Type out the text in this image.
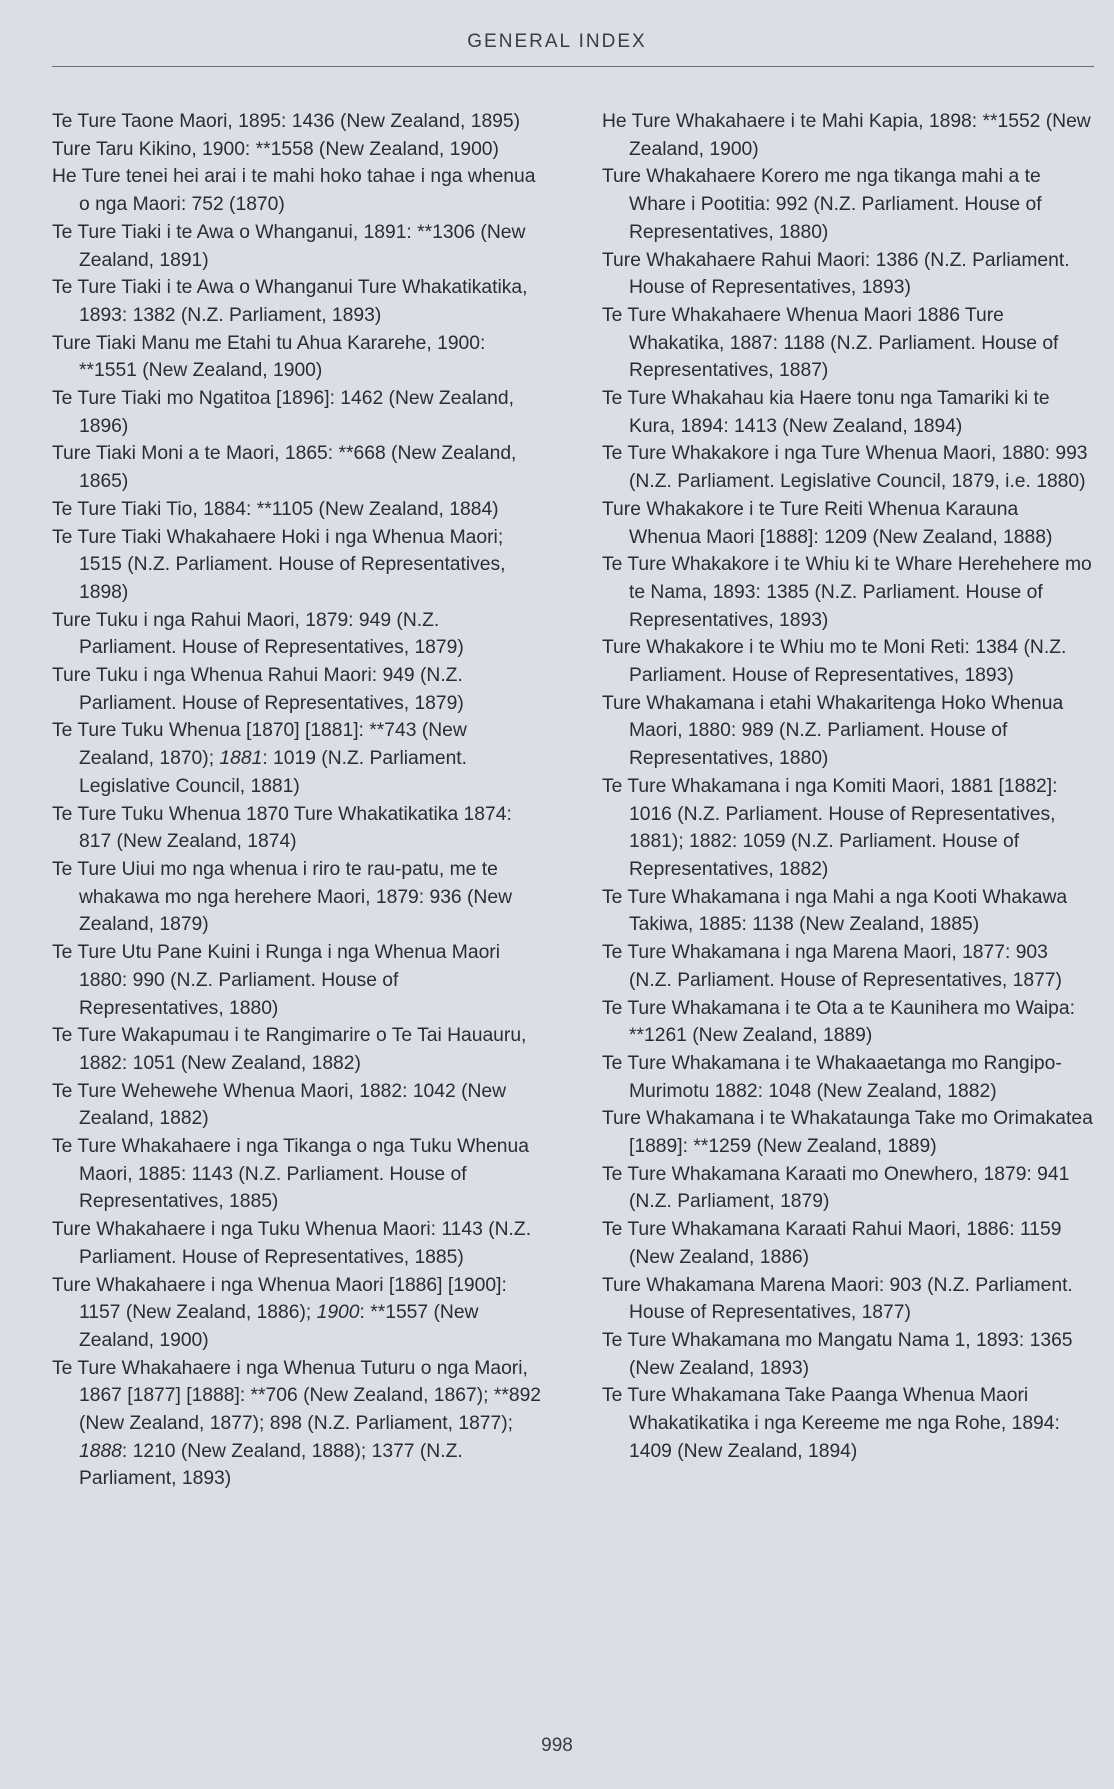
GENERAL INDEX

Te Ture Taone Maori, 1895: 1436 (New Zealand, 1895)

Ture Taru Kikino, 1900: **1558 (New Zealand, 1900)

He Ture tenei hei arai i te mahi hoko tahae i nga whenua o nga Maori: 752 (1870)

Te Ture Tiaki i te Awa o Whanganui, 1891: **1306 (New Zealand, 1891)

Te Ture Tiaki i te Awa o Whanganui Ture Whakatikatika, 1893: 1382 (N.Z. Parliament, 1893)

Ture Tiaki Manu me Etahi tu Ahua Kararehe, 1900: **1551 (New Zealand, 1900)

Te Ture Tiaki mo Ngatitoa [1896]: 1462 (New Zealand, 1896)

Ture Tiaki Moni a te Maori, 1865: **668 (New Zealand, 1865)

Te Ture Tiaki Tio, 1884: **1105 (New Zealand, 1884)

Te Ture Tiaki Whakahaere Hoki i nga Whenua Maori; 1515 (N.Z. Parliament. House of Representatives, 1898)

Ture Tuku i nga Rahui Maori, 1879: 949 (N.Z. Parliament. House of Representatives, 1879)

Ture Tuku i nga Whenua Rahui Maori: 949 (N.Z. Parliament. House of Representatives, 1879)

Te Ture Tuku Whenua [1870] [1881]: **743 (New Zealand, 1870); 1881: 1019 (N.Z. Parliament. Legislative Council, 1881)

Te Ture Tuku Whenua 1870 Ture Whakatikatika 1874: 817 (New Zealand, 1874)

Te Ture Uiui mo nga whenua i riro te rau-patu, me te whakawa mo nga herehere Maori, 1879: 936 (New Zealand, 1879)

Te Ture Utu Pane Kuini i Runga i nga Whenua Maori 1880: 990 (N.Z. Parliament. House of Representatives, 1880)

Te Ture Wakapumau i te Rangimarire o Te Tai Hauauru, 1882: 1051 (New Zealand, 1882)

Te Ture Wehewehe Whenua Maori, 1882: 1042 (New Zealand, 1882)

Te Ture Whakahaere i nga Tikanga o nga Tuku Whenua Maori, 1885: 1143 (N.Z. Parliament. House of Representatives, 1885)

Ture Whakahaere i nga Tuku Whenua Maori: 1143 (N.Z. Parliament. House of Representatives, 1885)

Ture Whakahaere i nga Whenua Maori [1886] [1900]: 1157 (New Zealand, 1886); 1900: **1557 (New Zealand, 1900)

Te Ture Whakahaere i nga Whenua Tuturu o nga Maori, 1867 [1877] [1888]: **706 (New Zealand, 1867); **892 (New Zealand, 1877); 898 (N.Z. Parliament, 1877); 1888: 1210 (New Zealand, 1888); 1377 (N.Z. Parliament, 1893)

He Ture Whakahaere i te Mahi Kapia, 1898: **1552 (New Zealand, 1900)

Ture Whakahaere Korero me nga tikanga mahi a te Whare i Pootitia: 992 (N.Z. Parliament. House of Representatives, 1880)

Ture Whakahaere Rahui Maori: 1386 (N.Z. Parliament. House of Representatives, 1893)

Te Ture Whakahaere Whenua Maori 1886 Ture Whakatika, 1887: 1188 (N.Z. Parliament. House of Representatives, 1887)

Te Ture Whakahau kia Haere tonu nga Tamariki ki te Kura, 1894: 1413 (New Zealand, 1894)

Te Ture Whakakore i nga Ture Whenua Maori, 1880: 993 (N.Z. Parliament. Legislative Council, 1879, i.e. 1880)

Ture Whakakore i te Ture Reiti Whenua Karauna Whenua Maori [1888]: 1209 (New Zealand, 1888)

Te Ture Whakakore i te Whiu ki te Whare Herehehere mo te Nama, 1893: 1385 (N.Z. Parliament. House of Representatives, 1893)

Ture Whakakore i te Whiu mo te Moni Reti: 1384 (N.Z. Parliament. House of Representatives, 1893)

Ture Whakamana i etahi Whakaritenga Hoko Whenua Maori, 1880: 989 (N.Z. Parliament. House of Representatives, 1880)

Te Ture Whakamana i nga Komiti Maori, 1881 [1882]: 1016 (N.Z. Parliament. House of Representatives, 1881); 1882: 1059 (N.Z. Parliament. House of Representatives, 1882)

Te Ture Whakamana i nga Mahi a nga Kooti Whakawa Takiwa, 1885: 1138 (New Zealand, 1885)

Te Ture Whakamana i nga Marena Maori, 1877: 903 (N.Z. Parliament. House of Representatives, 1877)

Te Ture Whakamana i te Ota a te Kaunihera mo Waipa: **1261 (New Zealand, 1889)

Te Ture Whakamana i te Whakaaetanga mo Rangipo-Murimotu 1882: 1048 (New Zealand, 1882)

Ture Whakamana i te Whakataunga Take mo Orimakatea [1889]: **1259 (New Zealand, 1889)

Te Ture Whakamana Karaati mo Onewhero, 1879: 941 (N.Z. Parliament, 1879)

Te Ture Whakamana Karaati Rahui Maori, 1886: 1159 (New Zealand, 1886)

Ture Whakamana Marena Maori: 903 (N.Z. Parliament. House of Representatives, 1877)

Te Ture Whakamana mo Mangatu Nama 1, 1893: 1365 (New Zealand, 1893)

Te Ture Whakamana Take Paanga Whenua Maori Whakatikatika i nga Kereeme me nga Rohe, 1894: 1409 (New Zealand, 1894)

998
